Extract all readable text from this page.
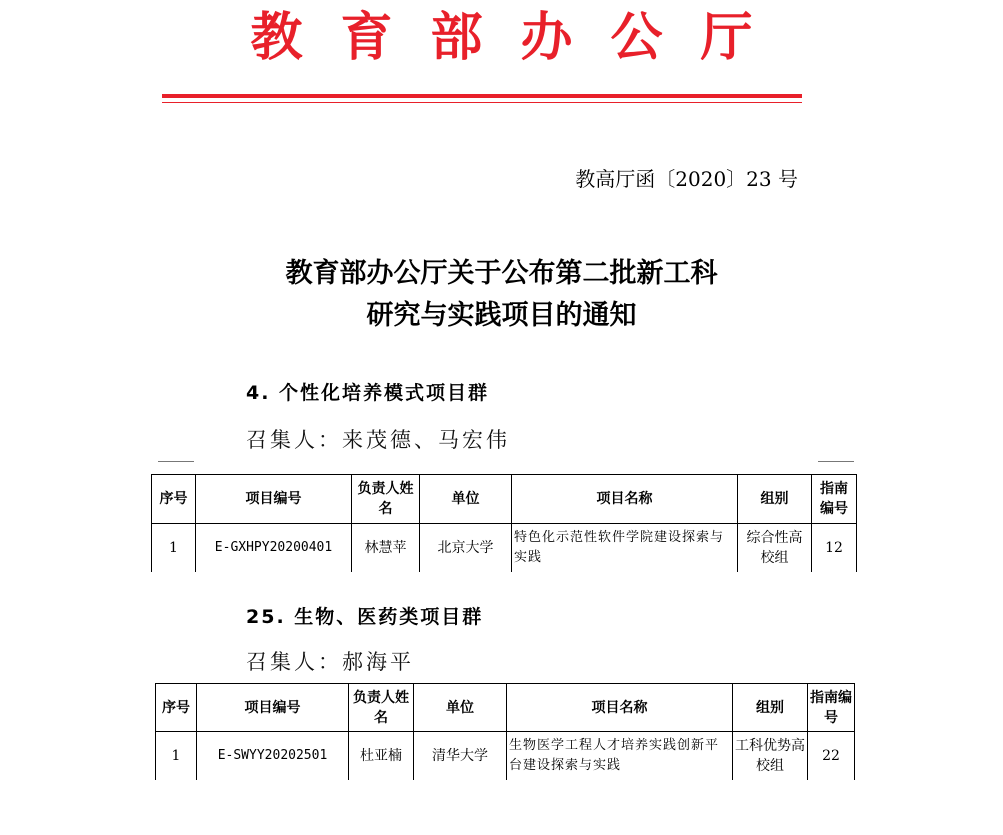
教育部办公厅
教高厅函〔2020〕23 号
教育部办公厅关于公布第二批新工科
研究与实践项目的通知
4. 个性化培养模式项目群
召集人：来茂德、马宏伟
序号	项目编号	负责人姓名	单位	项目名称	组别	指南编号
1	E-GXHPY20200401	林慧苹	北京大学	特色化示范性软件学院建设探索与实践	综合性高校组	12
25. 生物、医药类项目群
召集人：郝海平
序号	项目编号	负责人姓名	单位	项目名称	组别	指南编号
1	E-SWYY20202501	杜亚楠	清华大学	生物医学工程人才培养实践创新平台建设探索与实践	工科优势高校组	22
